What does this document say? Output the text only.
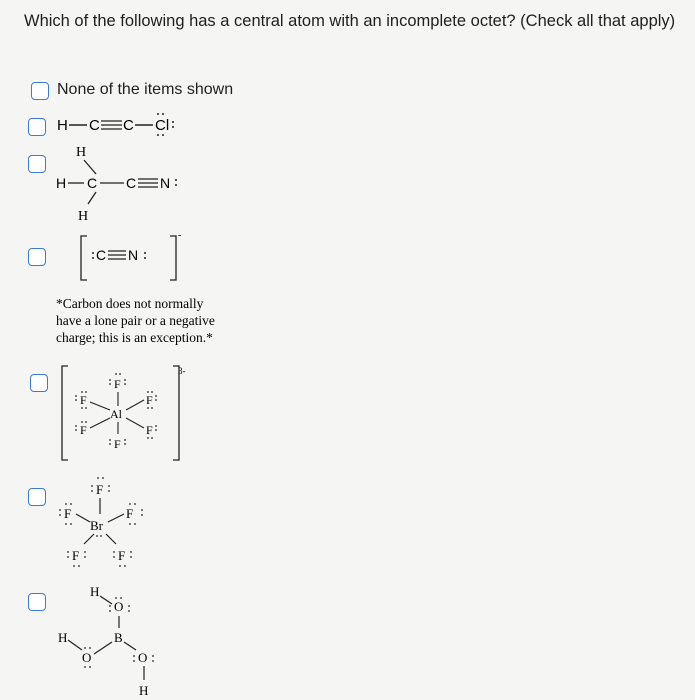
Which of the following has a central atom with an incomplete octet? (Check all that apply)
None of the items shown
H C C Cl
H
H C C N
H
C N
-
*Carbon does not normally
have a lone pair or a negative
charge; this is an exception.*
3-
F
Al
F
F	F
F	F
F
F
Br
F
F	F
H
O
B
H
O	O
H
